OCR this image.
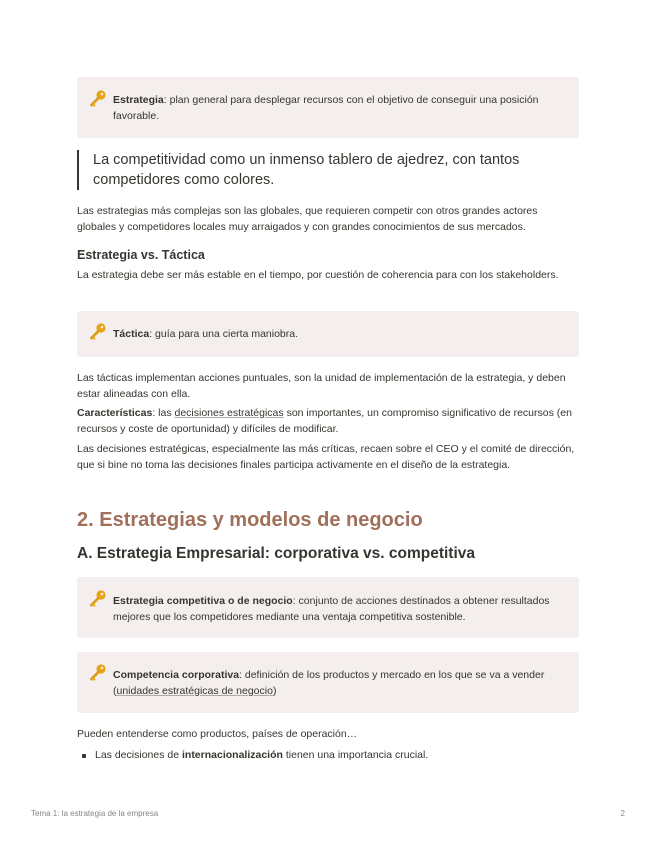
Estrategia: plan general para desplegar recursos con el objetivo de conseguir una posición favorable.
La competitividad como un inmenso tablero de ajedrez, con tantos competidores como colores.
Las estrategias más complejas son las globales, que requieren competir con otros grandes actores globales y competidores locales muy arraigados y con grandes conocimientos de sus mercados.
Estrategia vs. Táctica
La estrategia debe ser más estable en el tiempo, por cuestión de coherencia para con los stakeholders.
Táctica: guía para una cierta maniobra.
Las tácticas implementan acciones puntuales, son la unidad de implementación de la estrategia, y deben estar alineadas con ella.
Características: las decisiones estratégicas son importantes, un compromiso significativo de recursos (en recursos y coste de oportunidad) y difíciles de modificar.
Las decisiones estratégicas, especialmente las más críticas, recaen sobre el CEO y el comité de dirección, que si bine no toma las decisiones finales participa activamente en el diseño de la estrategia.
2. Estrategias y modelos de negocio
A. Estrategia Empresarial: corporativa vs. competitiva
Estrategia competitiva o de negocio: conjunto de acciones destinados a obtener resultados mejores que los competidores mediante una ventaja competitiva sostenible.
Competencia corporativa: definición de los productos y mercado en los que se va a vender (unidades estratégicas de negocio)
Pueden entenderse como productos, países de operación…
Las decisiones de internacionalización tienen una importancia crucial.
Tema 1: la estrategia de la empresa	2
